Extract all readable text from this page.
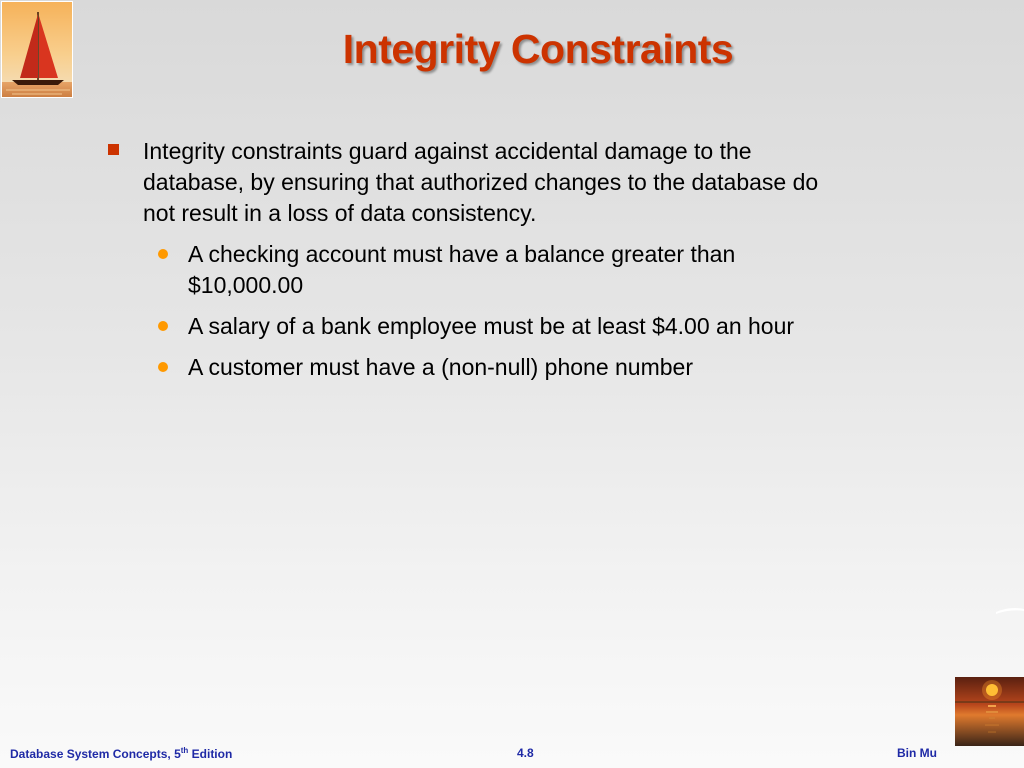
Integrity Constraints
Integrity constraints guard against accidental damage to the database, by ensuring that authorized changes to the database do not result in a loss of data consistency.
A checking account must have a balance greater than $10,000.00
A salary of a bank employee must be at least $4.00 an hour
A customer must have a (non-null) phone number
Database System Concepts, 5th Edition	4.8	Bin Mu
